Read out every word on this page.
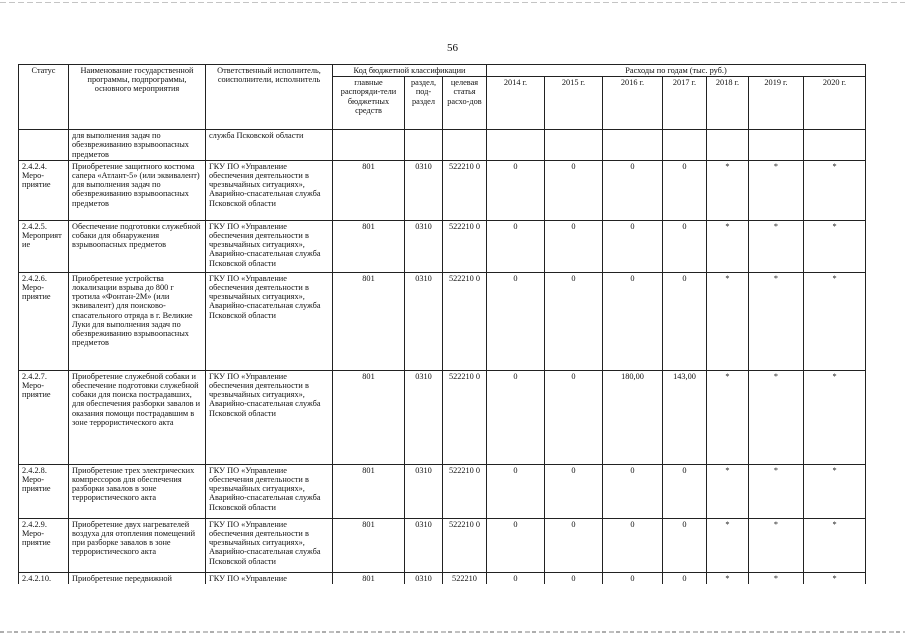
56
Статус	Наименование государственной программы, подпрограммы, основного мероприятия	Ответственный исполнитель, соисполнители, исполнитель	Код бюджетной классификации			Расходы по годам (тыс. руб.)						
			главные распоряди-тели бюджетных средств	раздел, под-раздел	целевая статья расхо-дов	2014 г.	2015 г.	2016 г.	2017 г.	2018 г.	2019 г.	2020 г.
	для выполнения задач по обезвреживанию взрывоопасных предметов	служба Псковской области										
2.4.2.4. Меро-приятие	Приобретение защитного костюма сапера «Атлант-5» (или эквивалент) для выполнения задач по обезвреживанию взрывоопасных предметов	ГКУ ПО «Управление обеспечения деятельности в чрезвычайных ситуациях», Аварийно-спасательная служба Псковской области	801	0310	522210 0	0	0	0	0	*	*	*
2.4.2.5. Мероприят ие	Обеспечение подготовки служебной собаки для обнаружения взрывоопасных предметов	ГКУ ПО «Управление обеспечения деятельности в чрезвычайных ситуациях», Аварийно-спасательная служба Псковской области	801	0310	522210 0	0	0	0	0	*	*	*
2.4.2.6. Меро-приятие	Приобретение устройства локализации взрыва до 800 г тротила «Фонтан-2М» (или эквивалент) для поисково-спасательного отряда в г. Великие Луки для выполнения задач по обезвреживанию взрывоопасных предметов	ГКУ ПО «Управление обеспечения деятельности в чрезвычайных ситуациях», Аварийно-спасательная служба Псковской области	801	0310	522210 0	0	0	0	0	*	*	*
2.4.2.7. Меро-приятие	Приобретение служебной собаки и обеспечение подготовки служебной собаки для поиска пострадавших, для обеспечения разборки завалов и оказания помощи пострадавшим в зоне террористического акта	ГКУ ПО «Управление обеспечения деятельности в чрезвычайных ситуациях», Аварийно-спасательная служба Псковской области	801	0310	522210 0	0	0	180,00	143,00	*	*	*
2.4.2.8. Меро-приятие	Приобретение трех электрических компрессоров для обеспечения разборки завалов в зоне террористического акта	ГКУ ПО «Управление обеспечения деятельности в чрезвычайных ситуациях», Аварийно-спасательная служба Псковской области	801	0310	522210 0	0	0	0	0	*	*	*
2.4.2.9. Меро-приятие	Приобретение двух нагревателей воздуха для отопления помещений при разборке завалов в зоне террористического акта	ГКУ ПО «Управление обеспечения деятельности в чрезвычайных ситуациях», Аварийно-спасательная служба Псковской области	801	0310	522210 0	0	0	0	0	*	*	*
2.4.2.10.	Приобретение передвижной	ГКУ ПО «Управление	801	0310	522210	0	0	0	0	*	*	*
